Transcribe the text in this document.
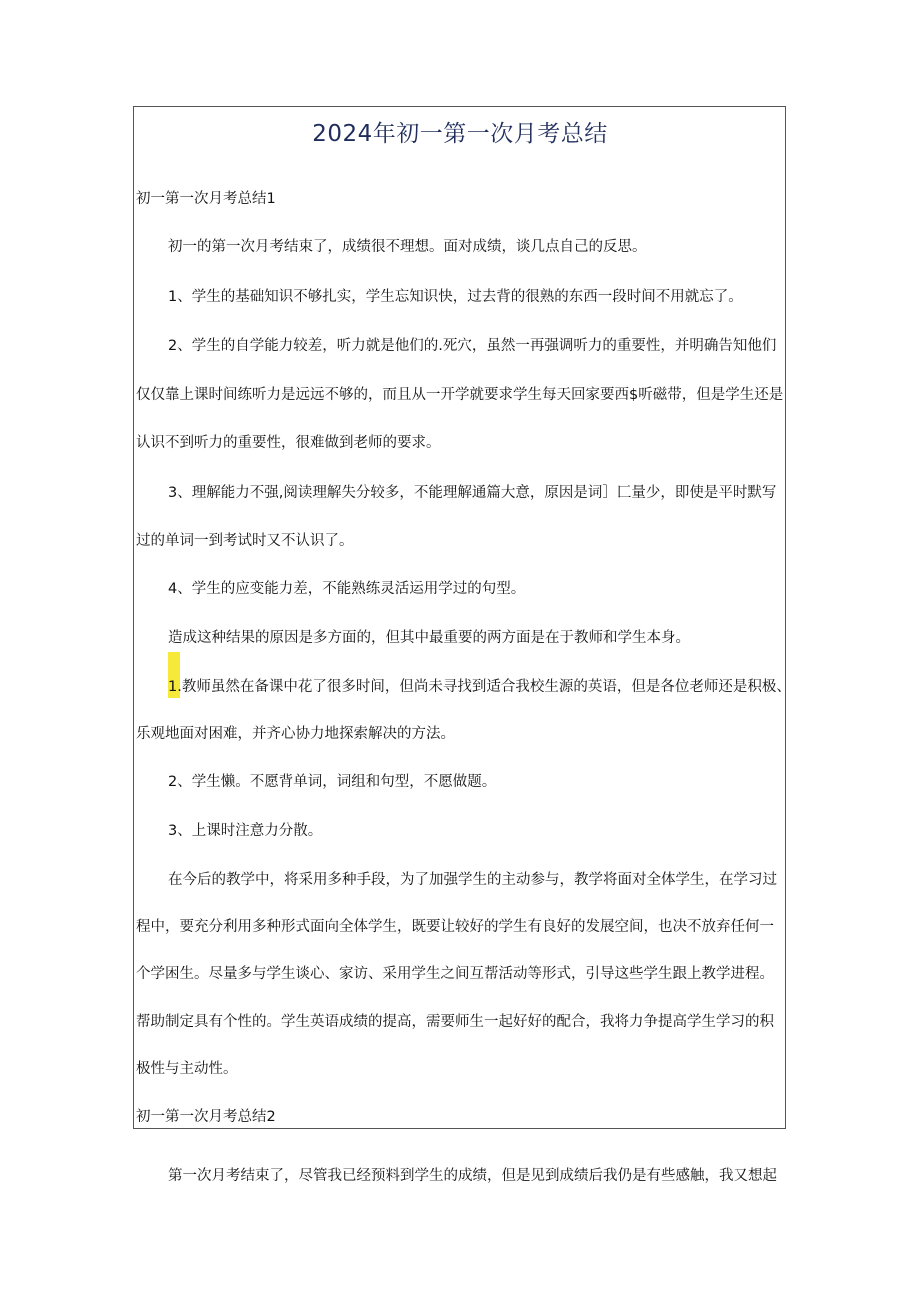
2024年初一第一次月考总结
初一第一次月考总结1
初一的第一次月考结束了，成绩很不理想。面对成绩，谈几点自己的反思。
1、学生的基础知识不够扎实，学生忘知识快，过去背的很熟的东西一段时间不用就忘了。
2、学生的自学能力较差，听力就是他们的.死穴，虽然一再强调听力的重要性，并明确告知他们
仅仅靠上课时间练听力是远远不够的，而且从一开学就要求学生每天回家要西$听磁带，但是学生还是
认识不到听力的重要性，很难做到老师的要求。
3、理解能力不强,阅读理解失分较多，不能理解通篇大意，原因是词］匚量少，即使是平时默写
过的单词一到考试时又不认识了。
4、学生的应变能力差，不能熟练灵活运用学过的句型。
造成这种结果的原因是多方面的，但其中最重要的两方面是在于教师和学生本身。
1.教师虽然在备课中花了很多时间，但尚未寻找到适合我校生源的英语，但是各位老师还是积极、
乐观地面对困难，并齐心协力地探索解决的方法。
2、学生懒。不愿背单词，词组和句型，不愿做题。
3、上课时注意力分散。
在今后的教学中，将采用多种手段，为了加强学生的主动参与，教学将面对全体学生，在学习过
程中，要充分利用多种形式面向全体学生，既要让较好的学生有良好的发展空间，也决不放弃任何一
个学困生。尽量多与学生谈心、家访、采用学生之间互帮活动等形式，引导这些学生跟上教学进程。
帮助制定具有个性的。学生英语成绩的提高，需要师生一起好好的配合，我将力争提高学生学习的积
极性与主动性。
初一第一次月考总结2
第一次月考结束了，尽管我已经预料到学生的成绩，但是见到成绩后我仍是有些感触，我又想起
